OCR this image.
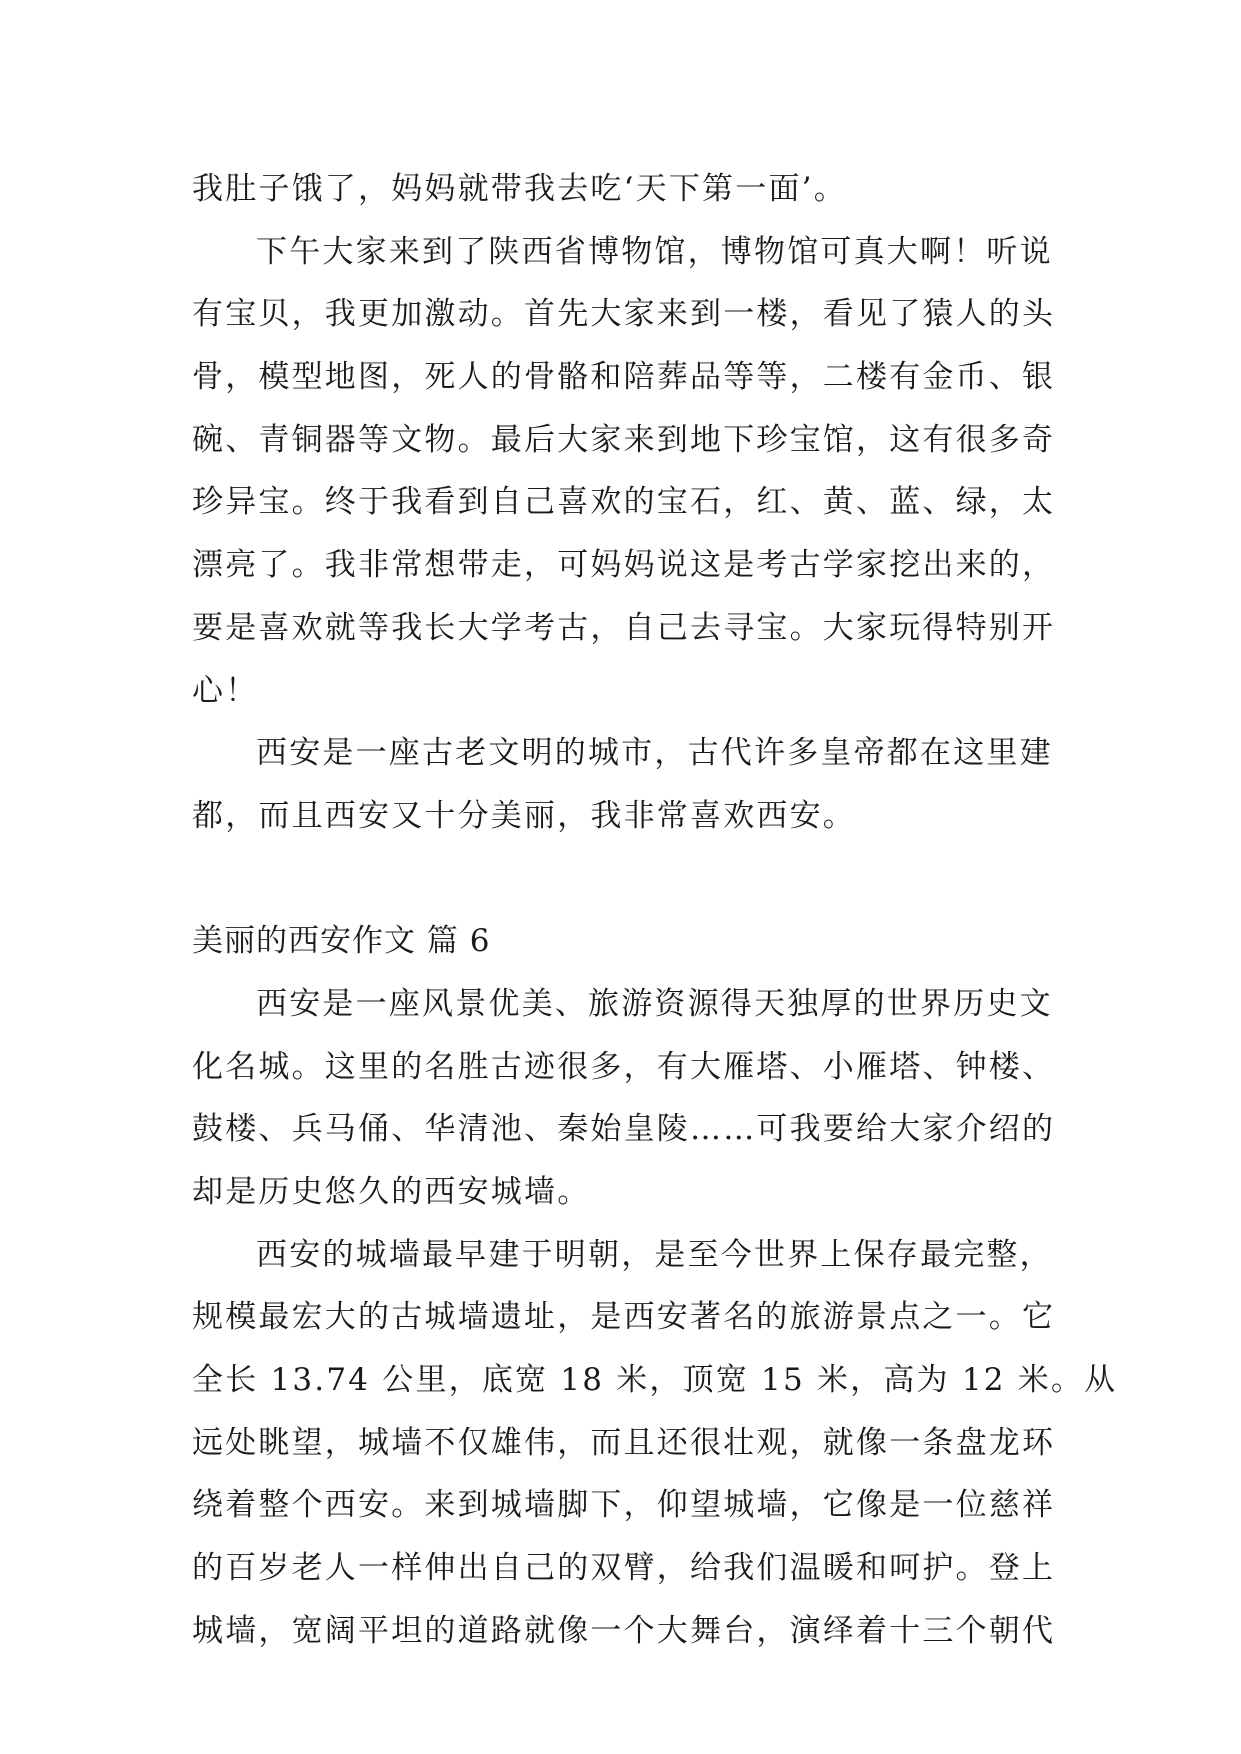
我肚子饿了，妈妈就带我去吃‘天下第一面’。
下午大家来到了陕西省博物馆，博物馆可真大啊！听说
有宝贝，我更加激动。首先大家来到一楼，看见了猿人的头
骨，模型地图，死人的骨骼和陪葬品等等，二楼有金币、银
碗、青铜器等文物。最后大家来到地下珍宝馆，这有很多奇
珍异宝。终于我看到自己喜欢的宝石，红、黄、蓝、绿，太
漂亮了。我非常想带走，可妈妈说这是考古学家挖出来的，
要是喜欢就等我长大学考古，自己去寻宝。大家玩得特别开
心！
西安是一座古老文明的城市，古代许多皇帝都在这里建
都，而且西安又十分美丽，我非常喜欢西安。
美丽的西安作文 篇 6
西安是一座风景优美、旅游资源得天独厚的世界历史文
化名城。这里的名胜古迹很多，有大雁塔、小雁塔、钟楼、
鼓楼、兵马俑、华清池、秦始皇陵……可我要给大家介绍的
却是历史悠久的西安城墙。
西安的城墙最早建于明朝，是至今世界上保存最完整，
规模最宏大的古城墙遗址，是西安著名的旅游景点之一。它
全长 13.74 公里，底宽 18 米，顶宽 15 米，高为 12 米。从
远处眺望，城墙不仅雄伟，而且还很壮观，就像一条盘龙环
绕着整个西安。来到城墙脚下，仰望城墙，它像是一位慈祥
的百岁老人一样伸出自己的双臂，给我们温暖和呵护。登上
城墙，宽阔平坦的道路就像一个大舞台，演绎着十三个朝代
